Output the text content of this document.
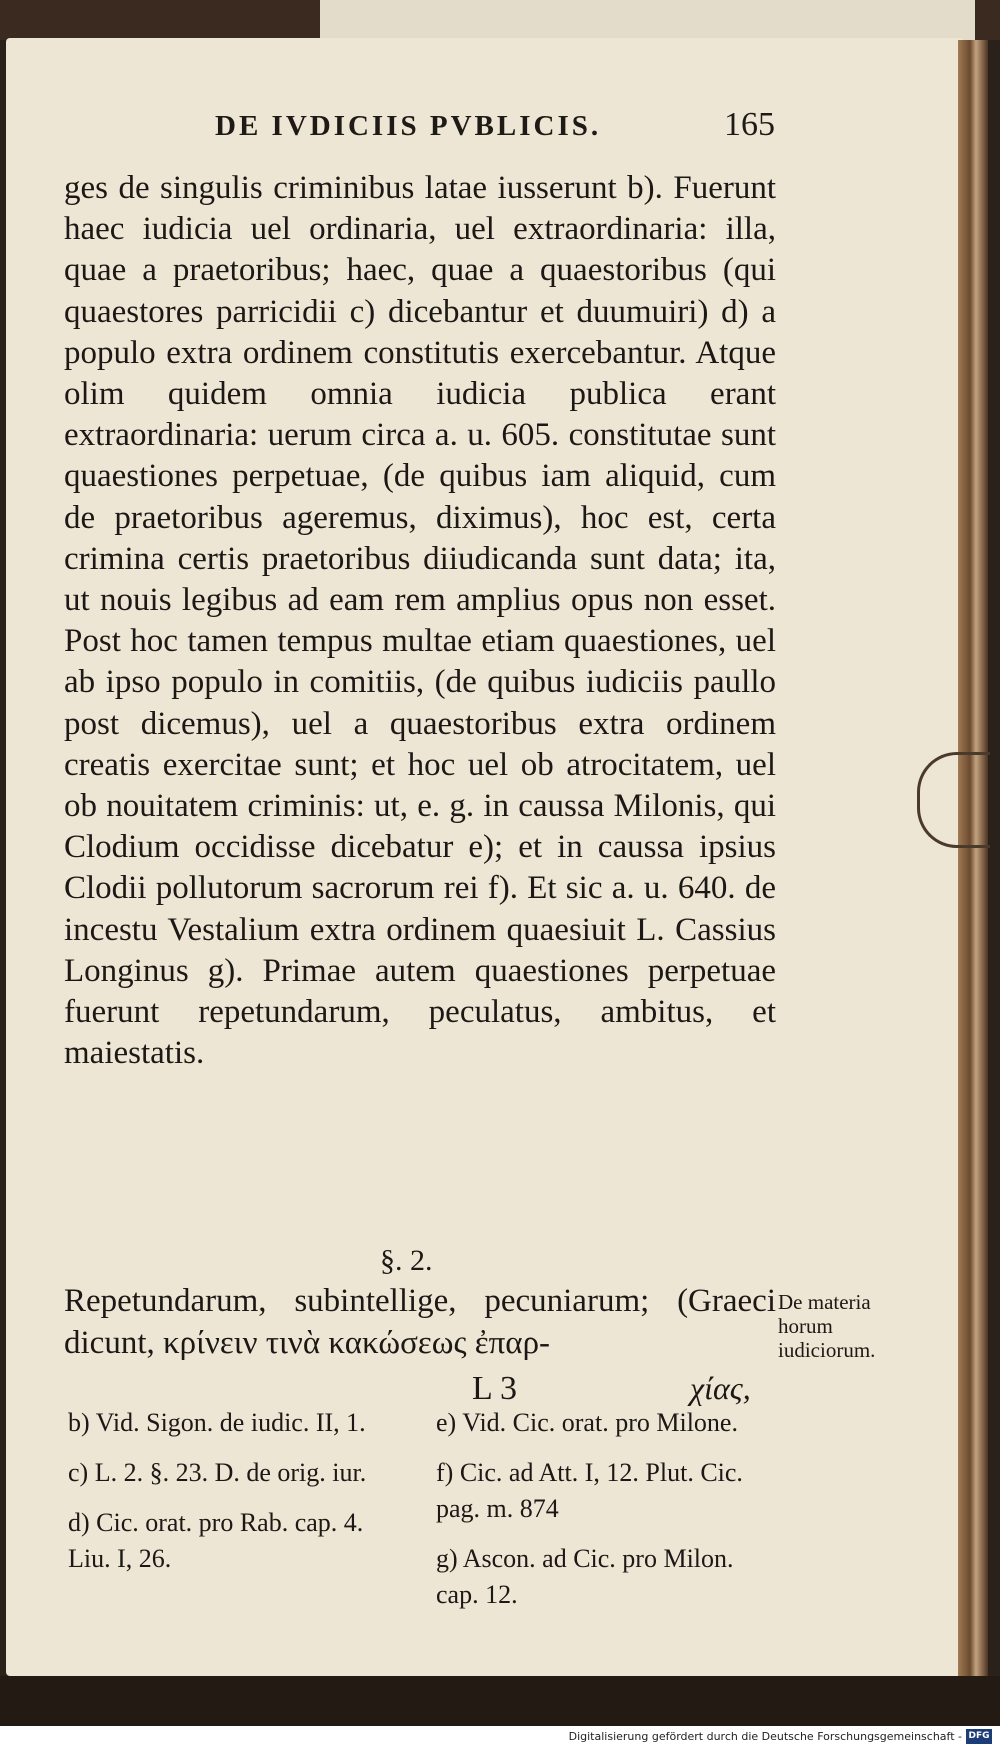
DE IVDICIIS PVBLICIS.	165

ges de singulis criminibus latae iusserunt b). Fuerunt haec iudicia uel ordinaria, uel extraordinaria: illa, quae a praetoribus; haec, quae a quaestoribus (qui quaestores parricidii c) dicebantur et duumuiri) d) a populo extra ordinem constitutis exercebantur. Atque olim quidem omnia iudicia publica erant extraordinaria: uerum circa a. u. 605. constitutae sunt quaestiones perpetuae, (de quibus iam aliquid, cum de praetoribus ageremus, diximus), hoc est, certa crimina certis praetoribus diiudicanda sunt data; ita, ut nouis legibus ad eam rem amplius opus non esset. Post hoc tamen tempus multae etiam quaestiones, uel ab ipso populo in comitiis, (de quibus iudiciis paullo post dicemus), uel a quaestoribus extra ordinem creatis exercitae sunt; et hoc uel ob atrocitatem, uel ob nouitatem criminis: ut, e. g. in caussa Milonis, qui Clodium occidisse dicebatur e); et in caussa ipsius Clodii pollutorum sacrorum rei f). Et sic a. u. 640. de incestu Vestalium extra ordinem quaesiuit L. Cassius Longinus g). Primae autem quaestiones perpetuae fuerunt repetundarum, peculatus, ambitus, et maiestatis.

§. 2.
Repetundarum, subintellige, pecuniarum; (Graeci dicunt, κρίνειν τινὰ κακώσεως ἐπαρ-
L 3	χίας,
De materia horum iudiciorum.
b) Vid. Sigon. de iudic. II, 1.
c) L. 2. §. 23. D. de orig. iur.
d) Cic. orat. pro Rab. cap. 4. Liu. I, 26.
e) Vid. Cic. orat. pro Milone.
f) Cic. ad Att. I, 12. Plut. Cic. pag. m. 874
g) Ascon. ad Cic. pro Milon. cap. 12.
Digitalisierung gefördert durch die Deutsche Forschungsgemeinschaft - DFG
